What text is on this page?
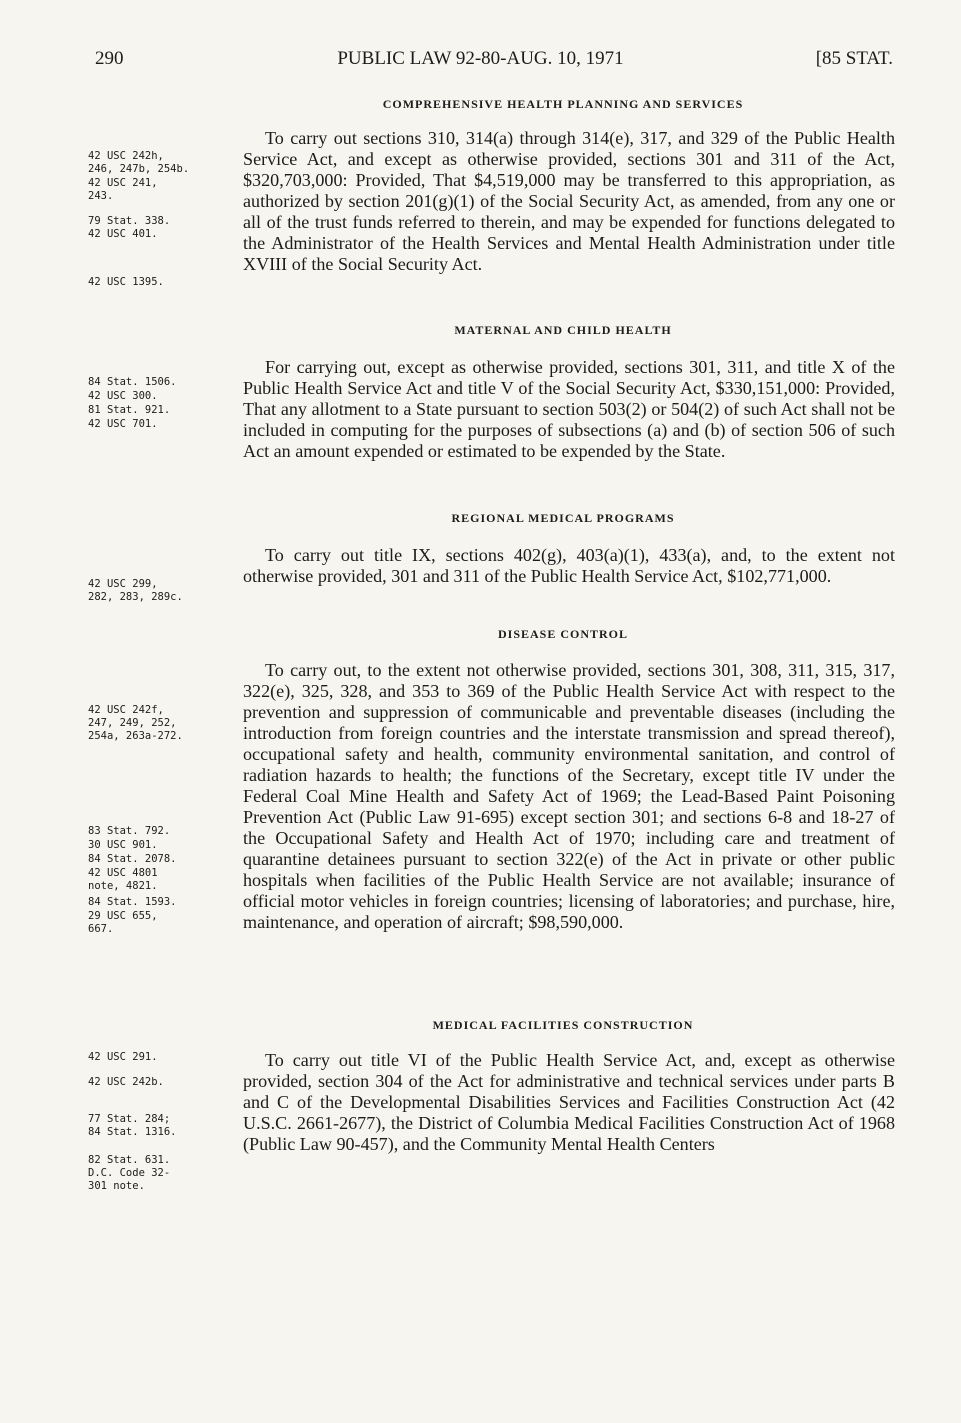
290	PUBLIC LAW 92-80-AUG. 10, 1971	[85 STAT.
COMPREHENSIVE HEALTH PLANNING AND SERVICES

To carry out sections 310, 314(a) through 314(e), 317, and 329 of the Public Health Service Act, and except as otherwise provided, sections 301 and 311 of the Act, $320,703,000: Provided, That $4,519,000 may be transferred to this appropriation, as authorized by section 201(g)(1) of the Social Security Act, as amended, from any one or all of the trust funds referred to therein, and may be expended for functions delegated to the Administrator of the Health Services and Mental Health Administration under title XVIII of the Social Security Act.

MATERNAL AND CHILD HEALTH

For carrying out, except as otherwise provided, sections 301, 311, and title X of the Public Health Service Act and title V of the Social Security Act, $330,151,000: Provided, That any allotment to a State pursuant to section 503(2) or 504(2) of such Act shall not be included in computing for the purposes of subsections (a) and (b) of section 506 of such Act an amount expended or estimated to be expended by the State.

REGIONAL MEDICAL PROGRAMS

To carry out title IX, sections 402(g), 403(a)(1), 433(a), and, to the extent not otherwise provided, 301 and 311 of the Public Health Service Act, $102,771,000.

DISEASE CONTROL

To carry out, to the extent not otherwise provided, sections 301, 308, 311, 315, 317, 322(e), 325, 328, and 353 to 369 of the Public Health Service Act with respect to the prevention and suppression of communicable and preventable diseases (including the introduction from foreign countries and the interstate transmission and spread thereof), occupational safety and health, community environmental sanitation, and control of radiation hazards to health; the functions of the Secretary, except title IV under the Federal Coal Mine Health and Safety Act of 1969; the Lead-Based Paint Poisoning Prevention Act (Public Law 91-695) except section 301; and sections 6-8 and 18-27 of the Occupational Safety and Health Act of 1970; including care and treatment of quarantine detainees pursuant to section 322(e) of the Act in private or other public hospitals when facilities of the Public Health Service are not available; insurance of official motor vehicles in foreign countries; licensing of laboratories; and purchase, hire, maintenance, and operation of aircraft; $98,590,000.

MEDICAL FACILITIES CONSTRUCTION

To carry out title VI of the Public Health Service Act, and, except as otherwise provided, section 304 of the Act for administrative and technical services under parts B and C of the Developmental Disabilities Services and Facilities Construction Act (42 U.S.C. 2661-2677), the District of Columbia Medical Facilities Construction Act of 1968 (Public Law 90-457), and the Community Mental Health Centers

42 USC 242h,
246, 247b, 254b.
42 USC 241,
243.
79 Stat. 338.
42 USC 401.
42 USC 1395.
84 Stat. 1506.
42 USC 300.
81 Stat. 921.
42 USC 701.
42 USC 299,
282, 283, 289c.
42 USC 242f,
247, 249, 252,
254a, 263a-272.
83 Stat. 792.
30 USC 901.
84 Stat. 2078.
42 USC 4801
note, 4821.
84 Stat. 1593.
29 USC 655,
667.
42 USC 291.
42 USC 242b.
77 Stat. 284;
84 Stat. 1316.
82 Stat. 631.
D.C. Code 32-
301 note.
